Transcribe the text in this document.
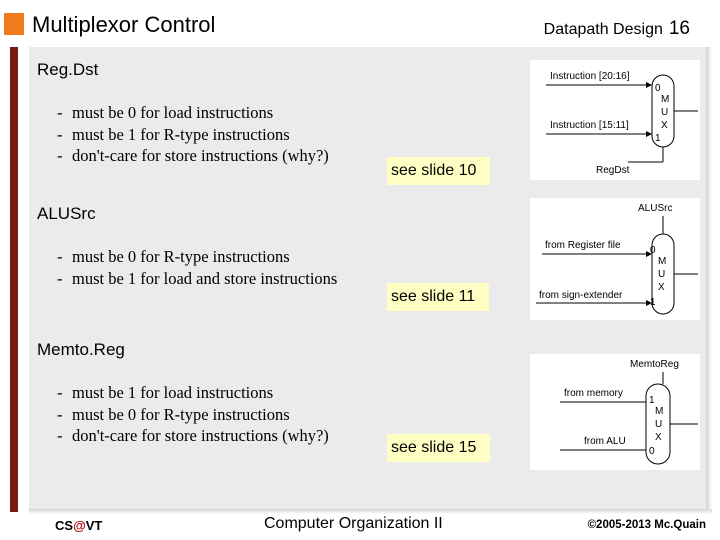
Multiplexor Control	Datapath Design 16
Reg.Dst
- must be 0 for load instructions
- must be 1 for R-type instructions
- don't-care for store instructions (why?)
see slide 10
Instruction [20:16]
Instruction [15:11]
0
M
U
X
1
RegDst
ALUSrc
- must be 0 for R-type instructions
- must be 1 for load and store instructions
see slide 11
ALUSrc
from Register file
from sign-extender
0
M
U
X
1
Memto.Reg
- must be 1 for load instructions
- must be 0 for R-type instructions
- don't-care for store instructions (why?)
see slide 15
MemtoReg
from memory
from ALU
1
M
U
X
0
CS@VT	Computer Organization II	©2005-2013 Mc.Quain
